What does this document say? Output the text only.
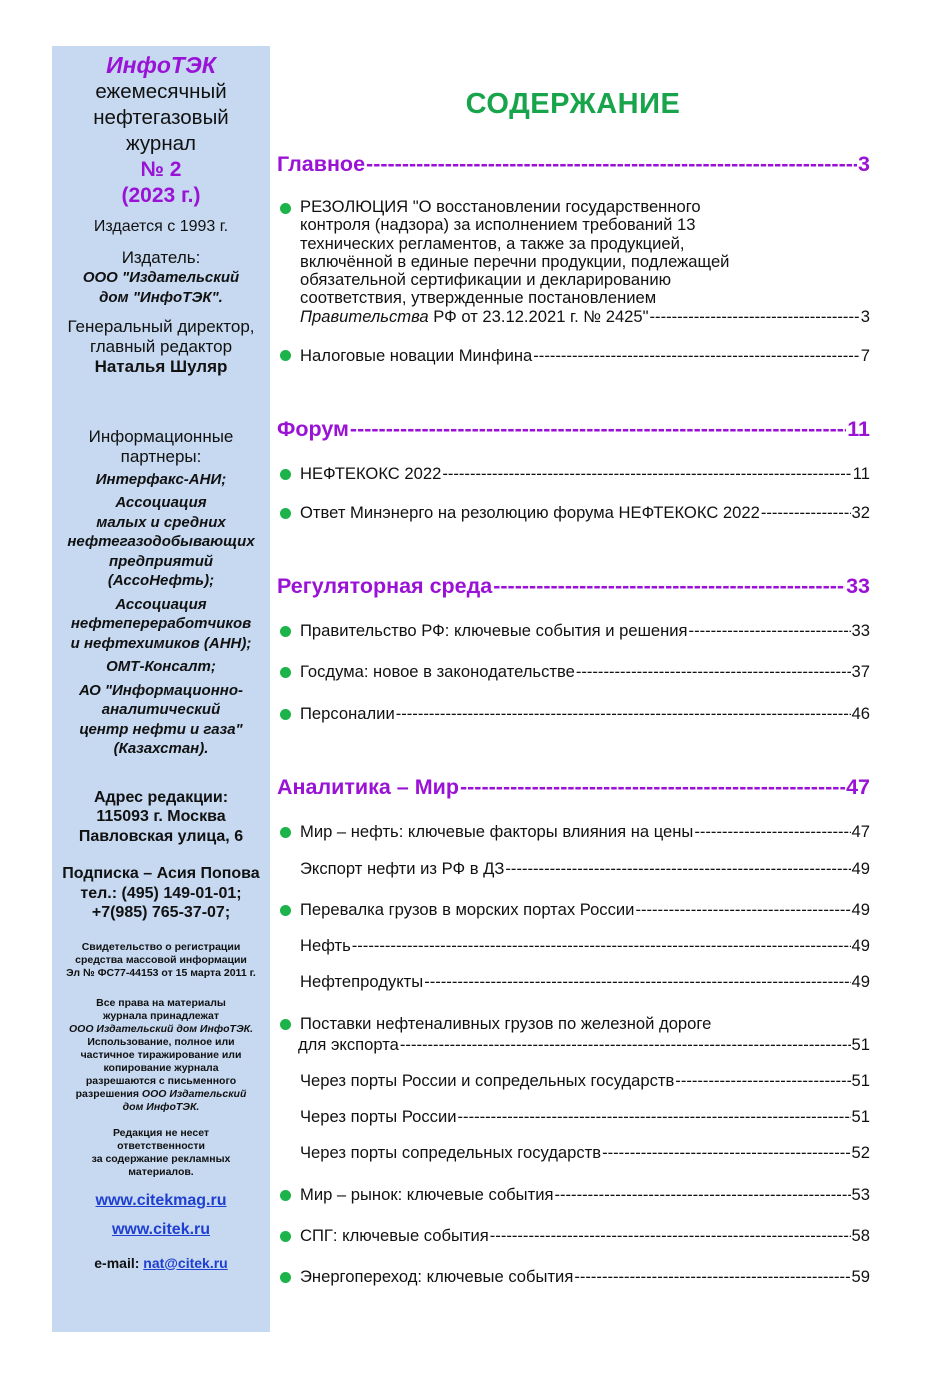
ИнфоТЭК
ежемесячный
нефтегазовый
журнал
№ 2
(2023 г.)
Издается с 1993 г.
Издатель:
ООО "Издательский
дом "ИнфоТЭК".
Генеральный директор,
главный редактор
Наталья Шуляр
Информационные
партнеры:
Интерфакс-АНИ;
Ассоциация
малых и средних
нефтегазодобывающих
предприятий
(АссоНефть);
Ассоциация
нефтепереработчиков
и нефтехимиков (АНН);
ОМТ-Консалт;
АО "Информационно-
аналитический
центр нефти и газа"
(Казахстан).
Адрес редакции:
115093 г. Москва
Павловская улица, 6
Подписка – Асия Попова
тел.: (495) 149-01-01;
+7(985) 765-37-07;
Свидетельство о регистрации
средства массовой информации
Эл № ФС77-44153 от 15 марта 2011 г.
Все права на материалы
журнала принадлежат
ООО Издательский дом ИнфоТЭК.
Использование, полное или
частичное тиражирование или
копирование журнала
разрешаются с письменного
разрешения ООО Издательский
дом ИнфоТЭК.
Редакция не несет
ответственности
за содержание рекламных
материалов.
www.citekmag.ru
www.citek.ru
e-mail: nat@citek.ru
СОДЕРЖАНИЕ
Главное -----	3
РЕЗОЛЮЦИЯ "О восстановлении государственного
контроля (надзора) за исполнением требований 13
технических регламентов, а также за продукцией,
включённой в единые перечни продукции, подлежащей
обязательной сертификации и декларированию
соответствия, утвержденные постановлением
Правительства РФ от 23.12.2021 г. № 2425" -----	3
Налоговые новации Минфина -----	7
Форум -----	11
НЕФТЕКОКС 2022 -----	11
Ответ Минэнерго на резолюцию форума НЕФТЕКОКС 2022 -----	32
Регуляторная среда -----	33
Правительство РФ: ключевые события и решения -----	33
Госдума: новое в законодательстве -----	37
Персоналии -----	46
Аналитика – Мир -----	47
Мир – нефть: ключевые факторы влияния на цены -----	47
Экспорт нефти из РФ в ДЗ -----	49
Перевалка грузов в морских портах России -----	49
Нефть -----	49
Нефтепродукты -----	49
Поставки нефтеналивных грузов по железной дороге
для экспорта -----	51
Через порты России и сопредельных государств -----	51
Через порты России -----	51
Через порты сопредельных государств -----	52
Мир – рынок: ключевые события -----	53
СПГ: ключевые события -----	58
Энергопереход: ключевые события -----	59
